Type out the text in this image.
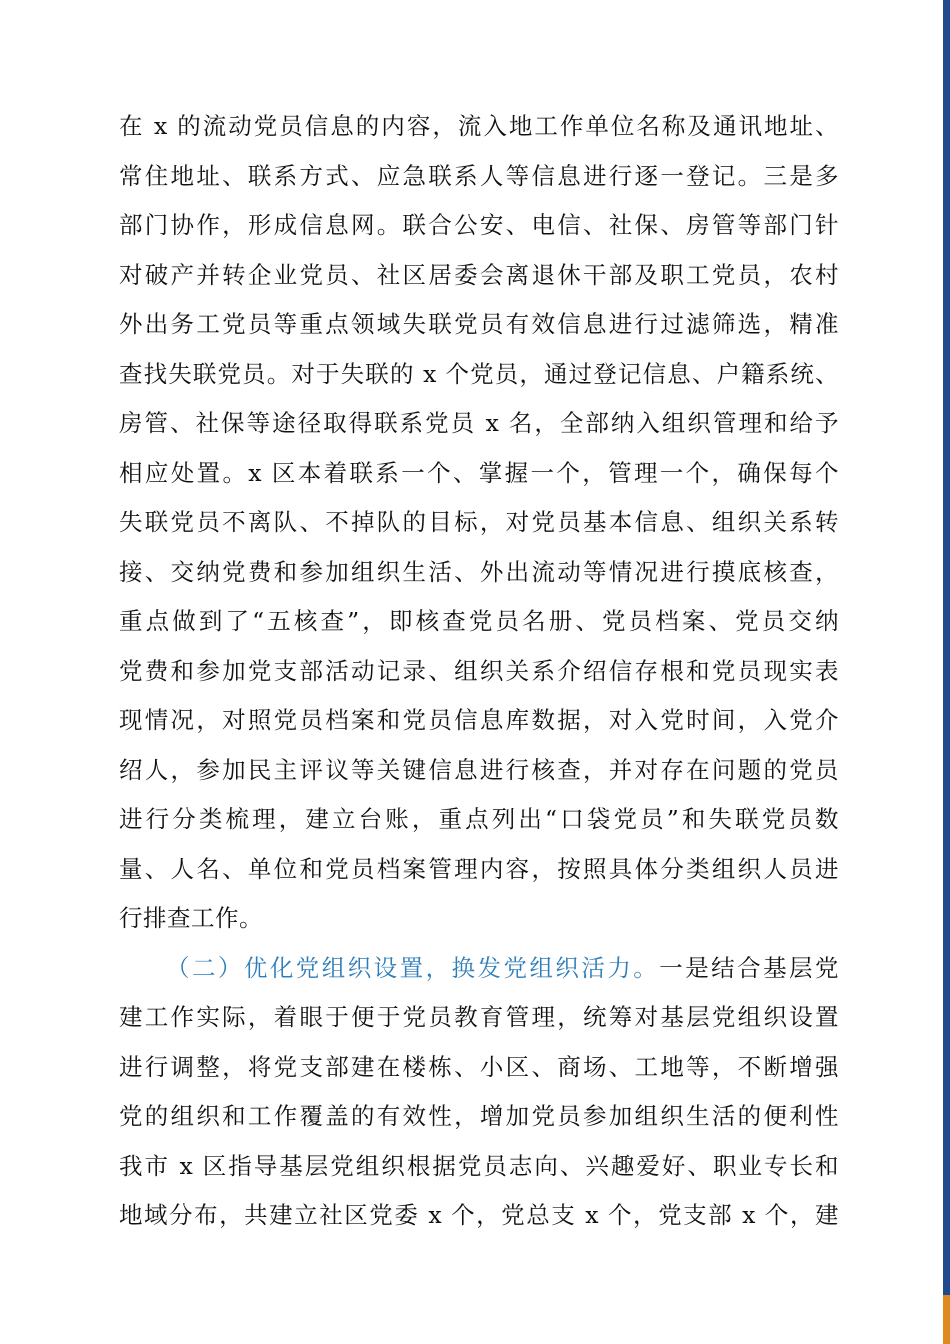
在 x 的流动党员信息的内容，流入地工作单位名称及通讯地址、
常住地址、联系方式、应急联系人等信息进行逐一登记。三是多
部门协作，形成信息网。联合公安、电信、社保、房管等部门针
对破产并转企业党员、社区居委会离退休干部及职工党员，农村
外出务工党员等重点领域失联党员有效信息进行过滤筛选，精准
查找失联党员。对于失联的 x 个党员，通过登记信息、户籍系统、
房管、社保等途径取得联系党员 x 名，全部纳入组织管理和给予
相应处置。x 区本着联系一个、掌握一个，管理一个，确保每个
失联党员不离队、不掉队的目标，对党员基本信息、组织关系转
接、交纳党费和参加组织生活、外出流动等情况进行摸底核查，
重点做到了“五核查”，即核查党员名册、党员档案、党员交纳
党费和参加党支部活动记录、组织关系介绍信存根和党员现实表
现情况，对照党员档案和党员信息库数据，对入党时间，入党介
绍人，参加民主评议等关键信息进行核查，并对存在问题的党员
进行分类梳理，建立台账，重点列出“口袋党员”和失联党员数
量、人名、单位和党员档案管理内容，按照具体分类组织人员进
行排查工作。
（二）优化党组织设置，换发党组织活力。一是结合基层党
建工作实际，着眼于便于党员教育管理，统筹对基层党组织设置
进行调整，将党支部建在楼栋、小区、商场、工地等，不断增强
党的组织和工作覆盖的有效性，增加党员参加组织生活的便利性
我市 x 区指导基层党组织根据党员志向、兴趣爱好、职业专长和
地域分布，共建立社区党委 x 个，党总支 x 个，党支部 x 个，建
